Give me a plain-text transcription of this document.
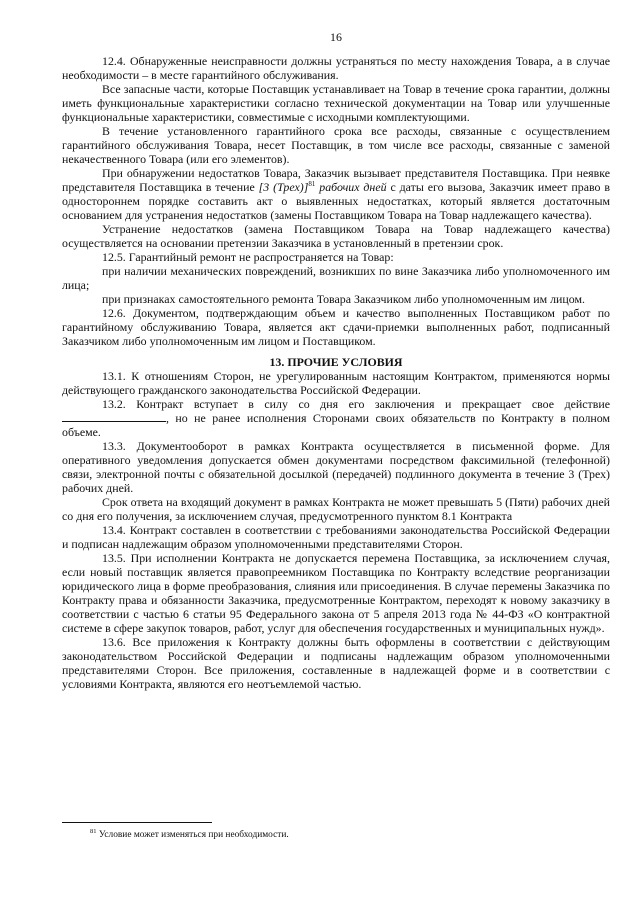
16

12.4. Обнаруженные неисправности должны устраняться по месту нахождения Товара, а в случае необходимости – в месте гарантийного обслуживания.

Все запасные части, которые Поставщик устанавливает на Товар в течение срока гарантии, должны иметь функциональные характеристики согласно технической документации на Товар или улучшенные функциональные характеристики, совместимые с исходными комплектующими.

В течение установленного гарантийного срока все расходы, связанные с осуществлением гарантийного обслуживания Товара, несет Поставщик, в том числе все расходы, связанные с заменой некачественного Товара (или его элементов).

При обнаружении недостатков Товара, Заказчик вызывает представителя Поставщика. При неявке представителя Поставщика в течение [3 (Трех)]$^{81}$ рабочих дней с даты его вызова, Заказчик имеет право в одностороннем порядке составить акт о выявленных недостатках, который является достаточным основанием для устранения недостатков (замены Поставщиком Товара на Товар надлежащего качества).

Устранение недостатков (замена Поставщиком Товара на Товар надлежащего качества) осуществляется на основании претензии Заказчика в установленный в претензии срок.

12.5. Гарантийный ремонт не распространяется на Товар:

при наличии механических повреждений, возникших по вине Заказчика либо уполномоченного им лица;

при признаках самостоятельного ремонта Товара Заказчиком либо уполномоченным им лицом.

12.6. Документом, подтверждающим объем и качество выполненных Поставщиком работ по гарантийному обслуживанию Товара, является акт сдачи-приемки выполненных работ, подписанный Заказчиком либо уполномоченным им лицом и Поставщиком.

13. ПРОЧИЕ УСЛОВИЯ

13.1. К отношениям Сторон, не урегулированным настоящим Контрактом, применяются нормы действующего гражданского законодательства Российской Федерации.

13.2. Контракт вступает в силу со дня его заключения и прекращает свое действие , но не ранее исполнения Сторонами своих обязательств по Контракту в полном объеме.

13.3. Документооборот в рамках Контракта осуществляется в письменной форме. Для оперативного уведомления допускается обмен документами посредством факсимильной (телефонной) связи, электронной почты с обязательной досылкой (передачей) подлинного документа в течение 3 (Трех) рабочих дней.

Срок ответа на входящий документ в рамках Контракта не может превышать 5 (Пяти) рабочих дней со дня его получения, за исключением случая, предусмотренного пунктом 8.1 Контракта

13.4. Контракт составлен в соответствии с требованиями законодательства Российской Федерации и подписан надлежащим образом уполномоченными представителями Сторон.

13.5. При исполнении Контракта не допускается перемена Поставщика, за исключением случая, если новый поставщик является правопреемником Поставщика по Контракту вследствие реорганизации юридического лица в форме преобразования, слияния или присоединения. В случае перемены Заказчика по Контракту права и обязанности Заказчика, предусмотренные Контрактом, переходят к новому заказчику в соответствии с частью 6 статьи 95 Федерального закона от 5 апреля 2013 года № 44-ФЗ «О контрактной системе в сфере закупок товаров, работ, услуг для обеспечения государственных и муниципальных нужд».

13.6. Все приложения к Контракту должны быть оформлены в соответствии с действующим законодательством Российской Федерации и подписаны надлежащим образом уполномоченными представителями Сторон. Все приложения, составленные в надлежащей форме и в соответствии с условиями Контракта, являются его неотъемлемой частью.

$^{81}$ Условие может изменяться при необходимости.
